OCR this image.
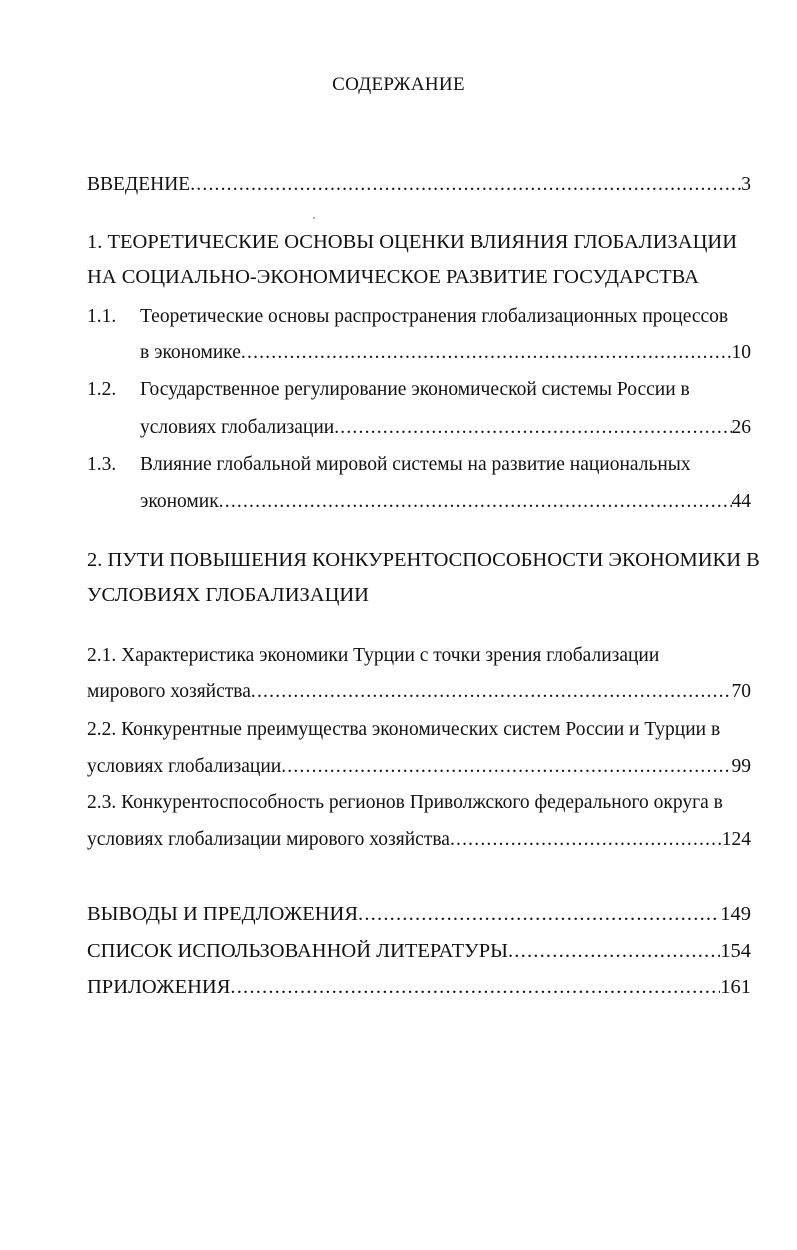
СОДЕРЖАНИЕ
ВВЕДЕНИЕ .....	3
1. ТЕОРЕТИЧЕСКИЕ ОСНОВЫ ОЦЕНКИ ВЛИЯНИЯ ГЛОБАЛИЗАЦИИ
НА СОЦИАЛЬНО-ЭКОНОМИЧЕСКОЕ РАЗВИТИЕ ГОСУДАРСТВА
1.1. Теоретические основы распространения глобализационных процессов
в экономике .....	10
1.2. Государственное регулирование экономической системы России в
условиях глобализации .....	26
1.3. Влияние глобальной мировой системы на развитие национальных
экономик .....	44
2. ПУТИ ПОВЫШЕНИЯ КОНКУРЕНТОСПОСОБНОСТИ ЭКОНОМИКИ В
УСЛОВИЯХ ГЛОБАЛИЗАЦИИ
2.1. Характеристика экономики Турции с точки зрения глобализации
мирового хозяйства .....	70
2.2. Конкурентные преимущества экономических систем России и Турции в
условиях глобализации .....	99
2.3. Конкурентоспособность регионов Приволжского федерального округа в
условиях глобализации мирового хозяйства .....	124
ВЫВОДЫ И ПРЕДЛОЖЕНИЯ .....	149
СПИСОК ИСПОЛЬЗОВАННОЙ ЛИТЕРАТУРЫ .....	154
ПРИЛОЖЕНИЯ .....	161
